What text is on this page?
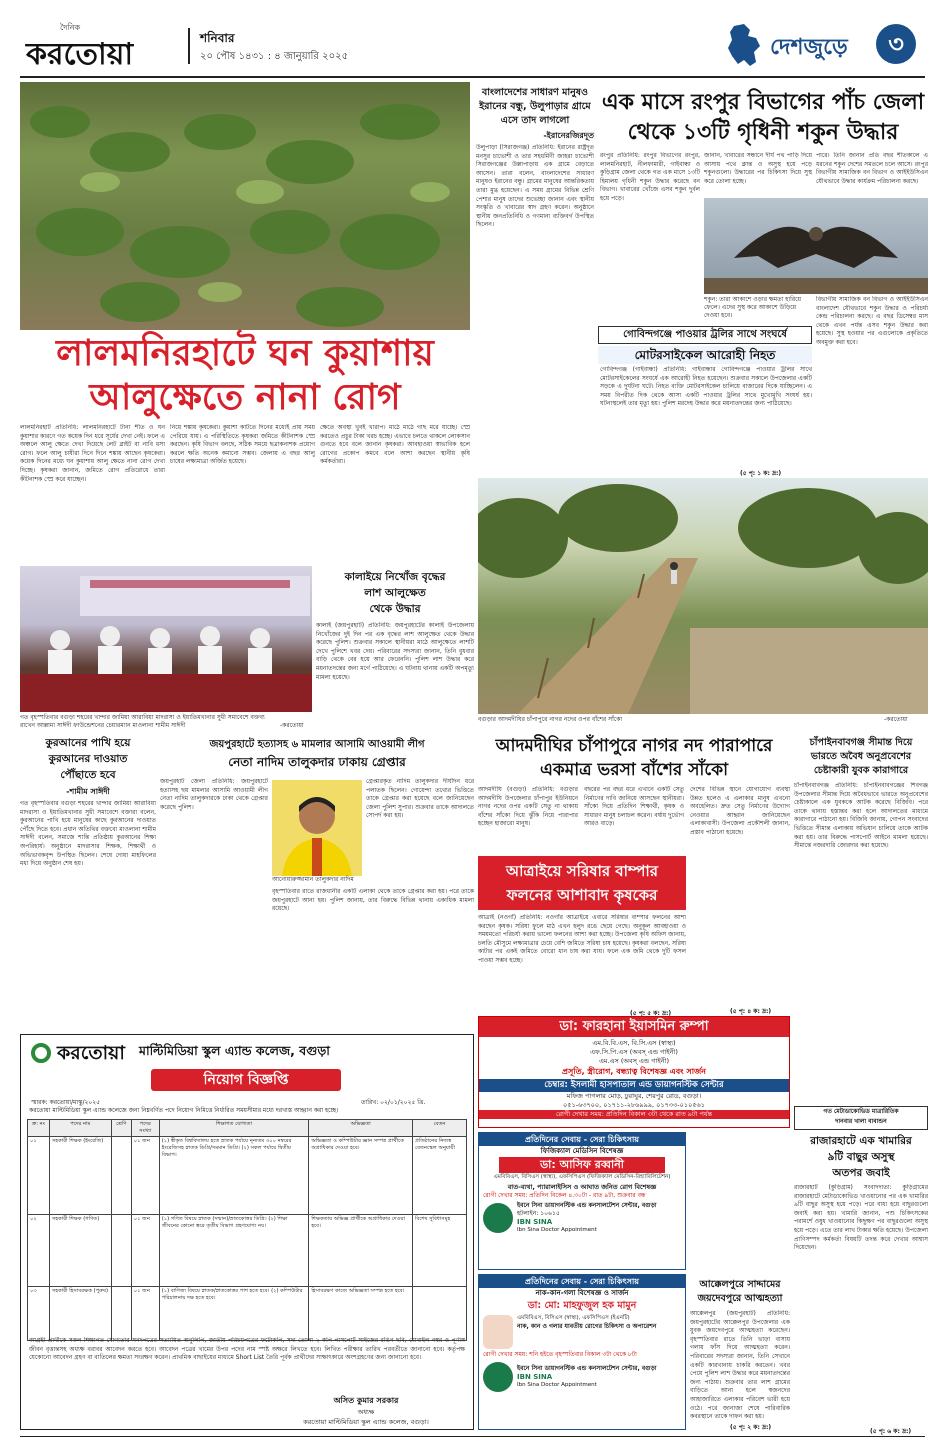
দৈনিক
করতোয়া	শনিবার
২০ পৌষ ১৪৩১ : ৪ জানুয়ারি ২০২৫	দেশজুড়ে	৩
লালমনিরহাটে ঘন কুয়াশায়
আলুক্ষেতে নানা রোগ
লালমনিরহাট প্রতিনিধি: লালমনিরহাটে টানা শীত ও ঘন কুয়াশার কারণে গত কয়েক দিন ধরে সূর্যের দেখা নেই। ফলে এ অঞ্চলে আলু ক্ষেতে দেখা দিয়েছে লেট ব্লাইট বা নাবি ধসা রোগ। ফলে আলু চাষীরা দিনে দিনে শঙ্কায় আছেন কৃষকেরা। কয়েক দিনের মধ্যে ঘন কুয়াশায় আলু ক্ষেতে নানা রোগ দেখা দিচ্ছে। কৃষকরা জানান, জমিতে রোগ প্রতিরোধে তারা কীটনাশক স্প্রে করে যাচ্ছেন।
নিয়ে শঙ্কায় কৃষকেরা। কুয়াশা কাটতে দিনের মধ্যেই প্রায় সময় পেরিয়ে যায়। এ পরিস্থিতিতে কৃষকরা জমিতে কীটনাশক স্প্রে করছেন। কৃষি বিভাগ বলছে, সঠিক সময়ে ছত্রাকনাশক প্রয়োগ করলে ক্ষতি অনেক কমানো সম্ভব। জেলায় এ বছর আলু চাষের লক্ষ্যমাত্রা অর্জিত হয়েছে।
ক্ষেতে অবস্থা খুবই খারাপ। মাঠে মাঠে গাছ মরে যাচ্ছে। স্প্রে করতেও প্রচুর টাকা খরচ হচ্ছে। এভাবে চলতে থাকলে লোকসান গুনতে হবে বলে জানান কৃষকরা। আবহাওয়া স্বাভাবিক হলে রোগের প্রকোপ কমবে বলে আশা করছেন স্থানীয় কৃষি কর্মকর্তারা।
বাংলাদেশের সাধারণ মানুষও
ইরানের বন্ধু, উলুপাড়ার গ্রামে
এসে তাদ লাগলো
-ইরানেরজিরদূত
উলুপাড়া (সিরাজগঞ্জ) প্রতিনিধি: ইরানের রাষ্ট্রদূত মনসুর চাভোশী ও তার সহধর্মিণী জাহরা চাভোশী সিরাজগঞ্জের উল্লাপাড়ায় এক গ্রামে বেড়াতে আসেন। তারা বলেন, বাংলাদেশের সাধারণ মানুষও ইরানের বন্ধু। গ্রামের মানুষের আন্তরিকতায় তারা মুগ্ধ হয়েছেন। এ সময় গ্রামের বিভিন্ন শ্রেণি পেশার মানুষ তাদের শুভেচ্ছা জানান এবং স্থানীয় সংস্কৃতি ও খাবারের স্বাদ গ্রহণ করেন। অনুষ্ঠানে স্থানীয় জনপ্রতিনিধি ও গণমান্য ব্যক্তিবর্গ উপস্থিত ছিলেন।
এক মাসে রংপুর বিভাগের পাঁচ জেলা
থেকে ১৩টি গৃধিনী শকুন উদ্ধার
রংপুর প্রতিনিধি: রংপুর বিভাগের রংপুর, লালমনিরহাট, নীলফামারী, গাইবান্ধা ও কুড়িগ্রাম জেলা থেকে গত এক মাসে ১৩টি হিমালয় গৃধিনী শকুন উদ্ধার করেছে বন বিভাগ। খাবারের খোঁজে এসব শকুন দুর্বল হয়ে পড়ে।
জানান, খাবারের সন্ধানে দীর্ঘ পথ পাড়ি দিয়ে আসায় পথে ক্লান্ত ও অসুস্থ হয়ে পড়ে শকুনগুলো। উদ্ধারের পর চিকিৎসা দিয়ে সুস্থ করে তোলা হচ্ছে।
পারে। তিনি জানান প্রতি বছর শীতকালে এ ধরনের শকুন দেশের সমতলে চলে আসে। রংপুর বিভাগীয় সামাজিক বন বিভাগ ও আইইউসিএন যৌথভাবে উদ্ধার কার্যক্রম পরিচালনা করছে।
শকুন: তারা আকাশে ওড়ার ক্ষমতা হারিয়ে ফেলে। এদের সুস্থ করে আকাশে উড়িয়ে দেওয়া হবে।
বিভাগীয় সামাজিক বন বিভাগ ও আইইউসিএন বাংলাদেশ যৌথভাবে শকুন উদ্ধার ও পরিচর্যা কেন্দ্র পরিচালনা করছে। এ বছর ডিসেম্বর মাস থেকে এখন পর্যন্ত এসব শকুন উদ্ধার করা হয়েছে। সুস্থ হওয়ার পর এগুলোকে প্রকৃতিতে অবমুক্ত করা হবে।
গোবিন্দগঞ্জে পাওয়ার ট্রলির সাথে সংঘর্ষে
মোটরসাইকেল আরোহী নিহত
গোবিন্দগঞ্জ (গাইবান্ধা) প্রতিনিধি: গাইবান্ধার গোবিন্দগঞ্জে পাওয়ার ট্রলির সাথে মোটরসাইকেলের সংঘর্ষে এক আরোহী নিহত হয়েছেন। শুক্রবার সকালে উপজেলার একটি সড়কে এ দুর্ঘটনা ঘটে। নিহত ব্যক্তি মোটরসাইকেল চালিয়ে বাজারের দিকে যাচ্ছিলেন। এ সময় বিপরীত দিক থেকে আসা একটি পাওয়ার ট্রলির সাথে মুখোমুখি সংঘর্ষ হয়। ঘটনাস্থলেই তার মৃত্যু হয়। পুলিশ মরদেহ উদ্ধার করে ময়নাতদন্তের জন্য পাঠিয়েছে।
(৫ পৃ: ১ ক: দ্র:)
গত বৃহস্পতিবার বগুড়া শহরের খান্দার জামিয়া আরাবিয়া মাদরাসা ও ইয়াতিমখানার সুধী সমাবেশে বক্তব্য রাখেন আল্লামা সাঈদী ফাউন্ডেশনের চেয়ারম্যান মাওলানা শামীম সাঈদী	-করতোয়া
কালাইয়ে নিখোঁজ বৃদ্ধের
লাশ আলুক্ষেত
থেকে উদ্ধার
কালাই (জয়পুরহাট) প্রতিনিধি: জয়পুরহাটের কালাই উপজেলায় নিখোঁজের দুই দিন পর এক বৃদ্ধের লাশ আলুক্ষেত থেকে উদ্ধার করেছে পুলিশ। শুক্রবার সকালে স্থানীয়রা মাঠে আলুক্ষেতে লাশটি দেখে পুলিশে খবর দেয়। পরিবারের সদস্যরা জানান, তিনি বুধবার বাড়ি থেকে বের হয়ে আর ফেরেননি। পুলিশ লাশ উদ্ধার করে ময়নাতদন্তের জন্য মর্গে পাঠিয়েছে। এ ঘটনায় থানায় একটি অপমৃত্যু মামলা হয়েছে।
বগুড়ার আদমদীঘির চাঁপাপুরে নাগর নদের ওপর বাঁশের সাঁকো	-করতোয়া
আদমদীঘির চাঁপাপুরে নাগর নদ পারাপারে
একমাত্র ভরসা বাঁশের সাঁকো
আদমদীঘি (বগুড়া) প্রতিনিধি: বগুড়ার আদমদীঘি উপজেলার চাঁপাপুর ইউনিয়নে নাগর নদের ওপর একটি সেতু না থাকায় বাঁশের সাঁকো দিয়ে ঝুঁকি নিয়ে পারাপার হচ্ছেন হাজারো মানুষ।
বছরের পর বছর ধরে এখানে একটি সেতু নির্মাণের দাবি জানিয়ে আসছেন স্থানীয়রা। সাঁকো দিয়ে প্রতিদিন শিক্ষার্থী, কৃষক ও সাধারণ মানুষ চলাচল করেন। বর্ষায় দুর্ভোগ আরও বাড়ে।
দেশের বিভিন্ন স্থানে যোগাযোগ ব্যবস্থা উন্নত হলেও এ এলাকার মানুষ এখনো অবহেলিত। দ্রুত সেতু নির্মাণের উদ্যোগ নেওয়ার আহ্বান জানিয়েছেন এলাকাবাসী। উপজেলা প্রকৌশলী জানান, প্রস্তাব পাঠানো হয়েছে।
(৫ পৃ: ৪ ক: দ্র:)
চাঁপাইনবাবগঞ্জ সীমান্ত দিয়ে
ভারতে অবৈধ অনুপ্রবেশের
চেষ্টাকারী যুবক কারাগারে
চাঁপাইনবাবগঞ্জ প্রতিনিধি: চাঁপাইনবাবগঞ্জের শিবগঞ্জ উপজেলার সীমান্ত দিয়ে অবৈধভাবে ভারতে অনুপ্রবেশের চেষ্টাকালে এক যুবককে আটক করেছে বিজিবি। পরে তাকে থানায় হস্তান্তর করা হলে আদালতের মাধ্যমে কারাগারে পাঠানো হয়। বিজিবি জানায়, গোপন সংবাদের ভিত্তিতে সীমান্ত এলাকায় অভিযান চালিয়ে তাকে আটক করা হয়। তার বিরুদ্ধে পাসপোর্ট আইনে মামলা হয়েছে। সীমান্তে নজরদারি জোরদার করা হয়েছে।
কুরআনের পাখি হয়ে
কুরআনের দাওয়াত
পৌঁছাতে হবে
-শামীম সাঈদী
গত বৃহস্পতিবার বগুড়া শহরের খান্দার জামিয়া আরাবিয়া মাদরাসা ও ইয়াতিমখানার সুধী সমাবেশে বক্তারা বলেন, কুরআনের পাখি হয়ে মানুষের কাছে কুরআনের দাওয়াত পৌঁছে দিতে হবে। প্রধান অতিথির বক্তব্যে মাওলানা শামীম সাঈদী বলেন, সমাজে শান্তি প্রতিষ্ঠায় কুরআনের শিক্ষা অপরিহার্য। অনুষ্ঠানে মাদরাসার শিক্ষক, শিক্ষার্থী ও অভিভাবকবৃন্দ উপস্থিত ছিলেন। শেষে দোয়া মাহফিলের মধ্য দিয়ে অনুষ্ঠান শেষ হয়।
জয়পুরহাটে হত্যাসহ ৬ মামলার আসামি আওয়ামী লীগ
নেতা নাদিম তালুকদার ঢাকায় গ্রেপ্তার
জয়পুরহাট জেলা প্রতিনিধি: জয়পুরহাটে হত্যাসহ ছয় মামলার আসামি আওয়ামী লীগ নেতা নাদিম তালুকদারকে ঢাকা থেকে গ্রেপ্তার করেছে পুলিশ।
আনোয়ারুজ্জামান তালুকদার নাদিম
গ্রেপ্তারকৃত নাদিম তালুকদার দীর্ঘদিন ধরে পলাতক ছিলেন। গোয়েন্দা তথ্যের ভিত্তিতে তাকে গ্রেপ্তার করা হয়েছে বলে জানিয়েছেন জেলা পুলিশ সুপার। শুক্রবার তাকে আদালতে সোপর্দ করা হয়।
বৃহস্পতিবার রাতে রাজধানীর একটি এলাকা থেকে তাকে গ্রেপ্তার করা হয়। পরে তাকে জয়পুরহাটে আনা হয়। পুলিশ জানায়, তার বিরুদ্ধে বিভিন্ন থানায় একাধিক মামলা রয়েছে।
আত্রাইয়ে সরিষার বাম্পার
ফলনের আশাবাদ কৃষকের
আত্রাই (নওগাঁ) প্রতিনিধি: নওগাঁর আত্রাইয়ে এবারে সরিষার বাম্পার ফলনের আশা করছেন কৃষক। সরিষা ফুলে মাঠ এখন হলুদ রঙে ছেয়ে গেছে। অনুকূল আবহাওয়া ও সময়মতো পরিচর্যা করায় ভালো ফলনের আশা করা হচ্ছে। উপজেলা কৃষি অফিস জানায়, চলতি মৌসুমে লক্ষ্যমাত্রার চেয়ে বেশি জমিতে সরিষা চাষ হয়েছে। কৃষকরা বলছেন, সরিষা কাটার পর একই জমিতে বোরো ধান চাষ করা যায়। ফলে এক জমি থেকে দুটি ফসল পাওয়া সম্ভব হচ্ছে।
(৫ পৃ: ৫ ক: দ্র:)
ডা: ফারহানা ইয়াসমিন রুম্পা
এম.বি.বি.এস, বি.সি.এস (স্বাস্থ্য)
এফ.সি.পি.এস (অবস্ এন্ড গাইনী)
এম.এস (অবস্ এন্ড গাইনী)
প্রসূতি, স্ত্রীরোগ, বন্ধ্যাত্ব বিশেষজ্ঞ এবং সার্জন
চেম্বার: ইসলামী হাসপাতাল এন্ড ডায়াগনস্টিক সেন্টার
মফিজ পাগলার মোড়, ঢুরাঘুর, শেরপুর রোড, বগুড়া।
০৫১-৬৩৭০০, ০১৭১১-২৮৬৯৯৯, ০১৭৩৩-০১০৫৬১
রোগী দেখার সময়: প্রতিদিন বিকাল ৩টা থেকে রাত ৯টা পর্যন্ত	গত মেটাডাকোভিড মাত্রারিতিক
দানবার খালা বাবান্ডন
রাজারহাটে এক খামারির
৯টি বাছুর অসুস্থ
অতপর জবাই
রাজারহাট (কুড়িগ্রাম) সংবাদদাতা: কুড়িগ্রামের রাজারহাটে মেটাডাকোভিড খাওয়ানোর পর এক খামারির ৯টি বাছুর অসুস্থ হয়ে পড়ে। পরে বাধ্য হয়ে বাছুরগুলো জবাই করা হয়। খামারি জানান, পশু চিকিৎসকের পরামর্শে ওষুধ খাওয়ানোর কিছুক্ষণ পর বাছুরগুলো অসুস্থ হয়ে পড়ে। এতে তার লাখ টাকার ক্ষতি হয়েছে। উপজেলা প্রাণিসম্পদ কর্মকর্তা বিষয়টি তদন্ত করে দেখার আশ্বাস দিয়েছেন।
(৫ পৃ: ৬ ক: দ্র:)
করতোয়া মাল্টিমিডিয়া স্কুল এ্যান্ড কলেজ, বগুড়া
নিয়োগ বিজ্ঞপ্তি
স্মারক: করতোয়া/মাস্কু/২০২৫	তারিখ: ০২/০১/২০২৫ খ্রি.
করতোয়া মাল্টিমিডিয়া স্কুল এ্যান্ড কলেজে জন্য নিম্নবর্ণিত পদে নিয়োগ নিমিত্তে নির্ধারিত সময়সীমার মধ্যে দরখাস্ত আহ্বান করা হচ্ছে।
ক্র: নং	পদের নাম	শ্রেণি	পদের সংখ্যা	শিক্ষাগত যোগ্যতা	অভিজ্ঞতা	বেতন
০১	সহকারী শিক্ষক (ইংরেজি)		০১ জন	(১) স্বীকৃত বিশ্ববিদ্যালয় হতে স্নাতক পর্যায়ে নূন্যতম ৩০০ নম্বরের ইংরেজিসহ স্নাতক ডিগ্রি/সমমান ডিগ্রি। (২) সকল পর্যায়ে দ্বিতীয় বিভাগ।	অভিজ্ঞতা ও কম্পিউটার জ্ঞান সম্পন্ন প্রার্থীকে অগ্রাধিকার দেওয়া হবে।	প্রতিষ্ঠানের নিজস্ব বেতনস্কেল অনুযায়ী
০২	সহকারী শিক্ষক (গণিত)		০১ জন	(১) গণিত বিষয়ে স্নাতক (সম্মান)/স্নাতকোত্তর ডিগ্রি। (২) শিক্ষা জীবনের কোনো স্তরে তৃতীয় বিভাগ গ্রহণযোগ্য নয়।	শিক্ষকতায় অভিজ্ঞ প্রার্থীকে অগ্রাধিকার দেওয়া হবে।	বিশেষ সুবিধাসমূহ
০৩	সহকারী হিসাবরক্ষক (পুরুষ)		০১ জন	(১) বাণিজ্য বিষয়ে স্নাতক/স্নাতকোত্তর পাশ হতে হবে। (২) কম্পিউটার পরিচালনায় দক্ষ হতে হবে।	হিসাবরক্ষণ কাজে অভিজ্ঞতা সম্পন্ন হতে হবে।	
আগ্রহী প্রার্থীকে সকল শিক্ষাগত যোগ্যতার সনদপত্রের সত্যায়িত অনুলিপি, জাতীয় পরিচয়পত্রের ফটোকপি, সদ্য তোলা ২ কপি পাসপোর্ট সাইজের রঙিন ছবি, মোবাইল নম্বর ও পূর্ণাঙ্গ জীবন বৃত্তান্তসহ অধ্যক্ষ বরাবর আবেদন করতে হবে। আবেদন পত্রের খামের উপর পদের নাম স্পষ্ট অক্ষরে লিখতে হবে। লিখিত পরীক্ষার তারিখ পরবর্তীতে জানানো হবে। কর্তৃপক্ষ যেকোনো আবেদন গ্রহণ বা বাতিলের ক্ষমতা সংরক্ষণ করেন। প্রাথমিক বাছাইয়ের মাধ্যমে Short List তৈরি পূর্বক প্রার্থীদের সাক্ষাৎকারে অংশগ্রহণের জন্য জানানো হবে।
অসিত কুমার সরকার
অধ্যক্ষ
করতোয়া মাল্টিমিডিয়া স্কুল এ্যান্ড কলেজ, বগুড়া।
প্রতিদিনের সেবায় - সেরা চিকিৎসায়
ফিজিক্যাল মেডিসিন বিশেষজ্ঞ
ডা: আসিফ রব্বানী
এমবিবিএস, বিসিএস (স্বাস্থ্য), এফসিপিএস (ফিজিক্যাল মেডিসিন-রিহ্যাবিলিটেশন)
বাত-ব্যথা, প্যারালাইসিস ও আঘাত জনিত রোগ বিশেষজ্ঞ
রোগী দেখার সময়: প্রতিদিন বিকেল ৪.৩০টা - রাত ৯টা, শুক্রবার বন্ধ
ইবনে সিনা ডায়াগনস্টিক এন্ড কনসালটেশন সেন্টার, বগুড়া
হটলাইন: ১০৬১৫
IBN SINA
Ibn Sina Doctor Appointment
প্রতিদিনের সেবায় - সেরা চিকিৎসায়
নাক-কান-গলা বিশেষজ্ঞ ও সার্জন
ডা: মো: মাহফুজুল হক মামুন
এমবিবিএস, বিসিএস (স্বাস্থ্য), এফসিপিএস (ইএনটি)
নাক, কান ও গলার যাবতীয় রোগের চিকিৎসা ও অপারেশন
রোগী দেখার সময়: শনি হইতে বৃহস্পতিবার বিকাল ৩টা থেকে ৮টা
ইবনে সিনা ডায়াগনস্টিক এন্ড কনসালটেশন সেন্টার, বগুড়া
IBN SINA
Ibn Sina Doctor Appointment
আক্কেলপুরে সাদ্দামের
জয়দেবপুরে আত্মহত্যা
আক্কেলপুর (জয়পুরহাট) প্রতিনিধি: জয়পুরহাটের আক্কেলপুর উপজেলার এক যুবক জয়দেবপুরে আত্মহত্যা করেছেন। বৃহস্পতিবার রাতে তিনি ভাড়া বাসায় গলায় ফাঁস দিয়ে আত্মহত্যা করেন। পরিবারের সদস্যরা জানান, তিনি সেখানে একটি কারখানায় চাকরি করতেন। খবর পেয়ে পুলিশ লাশ উদ্ধার করে ময়নাতদন্তের জন্য পাঠায়। শুক্রবার তার লাশ গ্রামের বাড়িতে আনা হলে স্বজনদের আহাজারিতে এলাকার পরিবেশ ভারী হয়ে ওঠে। পরে জানাজা শেষে পারিবারিক কবরস্থানে তাকে দাফন করা হয়।
(৫ পৃ: ২ ক: দ্র:)
